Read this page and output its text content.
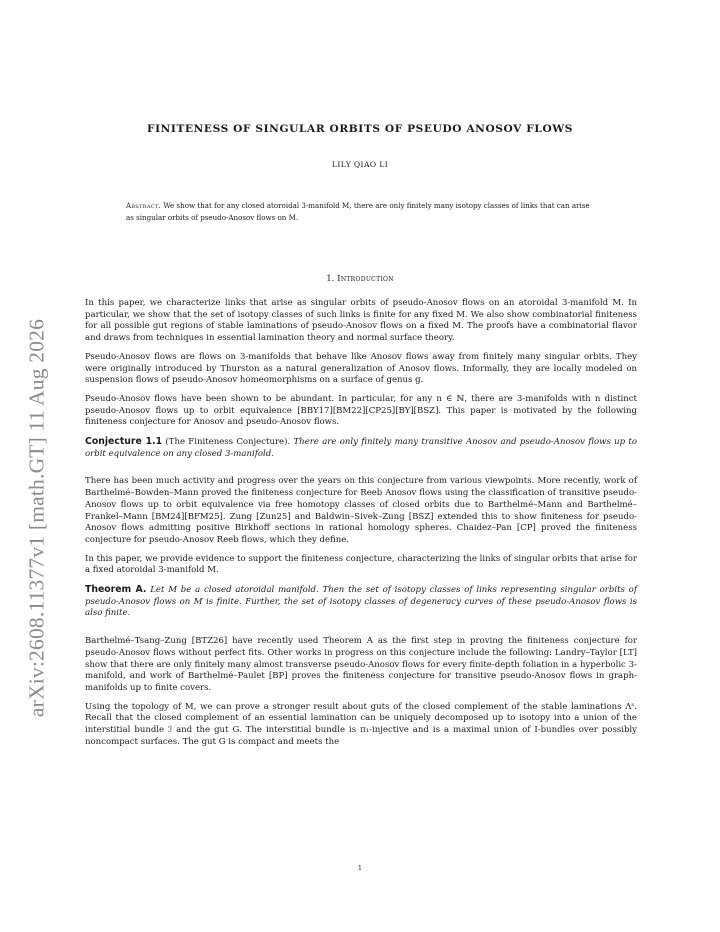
arXiv:2608.11377v1 [math.GT] 11 Aug 2026
FINITENESS OF SINGULAR ORBITS OF PSEUDO ANOSOV FLOWS
LILY QIAO LI
Abstract. We show that for any closed atoroidal 3-manifold M, there are only finitely many isotopy classes of links that can arise as singular orbits of pseudo-Anosov flows on M.
1. Introduction

In this paper, we characterize links that arise as singular orbits of pseudo-Anosov flows on an atoroidal 3-manifold M. In particular, we show that the set of isotopy classes of such links is finite for any fixed M. We also show combinatorial finiteness for all possible gut regions of stable laminations of pseudo-Anosov flows on a fixed M. The proofs have a combinatorial flavor and draws from techniques in essential lamination theory and normal surface theory.

Pseudo-Anosov flows are flows on 3-manifolds that behave like Anosov flows away from finitely many singular orbits. They were originally introduced by Thurston as a natural generalization of Anosov flows. Informally, they are locally modeled on suspension flows of pseudo-Anosov homeomorphisms on a surface of genus g.

Pseudo-Anosov flows have been shown to be abundant. In particular, for any n ∈ ℕ, there are 3-manifolds with n distinct pseudo-Anosov flows up to orbit equivalence [BBY17][BM22][CP25][BY][BSZ]. This paper is motivated by the following finiteness conjecture for Anosov and pseudo-Anosov flows.

Conjecture 1.1 (The Finiteness Conjecture). There are only finitely many transitive Anosov and pseudo-Anosov flows up to orbit equivalence on any closed 3-manifold.

There has been much activity and progress over the years on this conjecture from various viewpoints. More recently, work of Barthelmé–Bowden–Mann proved the finiteness conjecture for Reeb Anosov flows using the classification of transitive pseudo-Anosov flows up to orbit equivalence via free homotopy classes of closed orbits due to Barthelmé–Mann and Barthelmé–Frankel–Mann [BM24][BFM25]. Zung [Zun25] and Baldwin–Sivek–Zung [BSZ] extended this to show finiteness for pseudo-Anosov flows admitting positive Birkhoff sections in rational homology spheres. Chaidez–Pan [CP] proved the finiteness conjecture for pseudo-Anosov Reeb flows, which they define.

In this paper, we provide evidence to support the finiteness conjecture, characterizing the links of singular orbits that arise for a fixed atoroidal 3-manifold M.

Theorem A. Let M be a closed atoroidal manifold. Then the set of isotopy classes of links representing singular orbits of pseudo-Anosov flows on M is finite. Further, the set of isotopy classes of degeneracy curves of these pseudo-Anosov flows is also finite.

Barthelmé–Tsang–Zung [BTZ26] have recently used Theorem A as the first step in proving the finiteness conjecture for pseudo-Anosov flows without perfect fits. Other works in progress on this conjecture include the following: Landry–Taylor [LT] show that there are only finitely many almost transverse pseudo-Anosov flows for every finite-depth foliation in a hyperbolic 3-manifold, and work of Barthelmé–Paulet [BP] proves the finiteness conjecture for transitive pseudo-Anosov flows in graph-manifolds up to finite covers.

Using the topology of M, we can prove a stronger result about guts of the closed complement of the stable laminations Λˢ. Recall that the closed complement of an essential lamination can be uniquely decomposed up to isotopy into a union of the interstitial bundle ℐ and the gut G. The interstitial bundle is π₁-injective and is a maximal union of I-bundles over possibly noncompact surfaces. The gut G is compact and meets the

1
